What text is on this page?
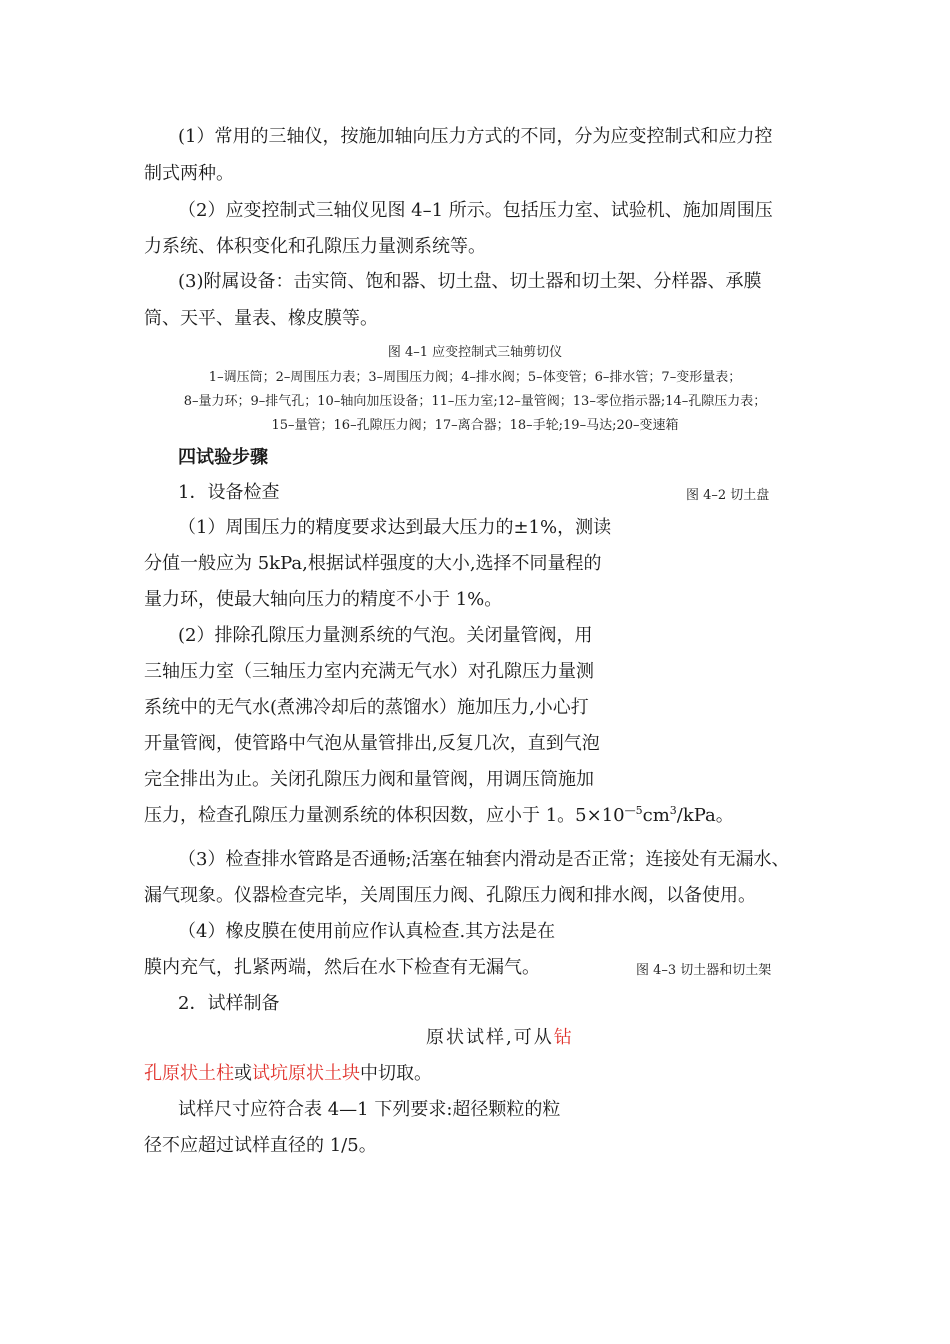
(1）常用的三轴仪，按施加轴向压力方式的不同，分为应变控制式和应力控
制式两种。
（2）应变控制式三轴仪见图 4–1 所示。包括压力室、试验机、施加周围压
力系统、体积变化和孔隙压力量测系统等。
(3)附属设备：击实筒、饱和器、切土盘、切土器和切土架、分样器、承膜
筒、天平、量表、橡皮膜等。
图 4–1 应变控制式三轴剪切仪
1–调压筒；2–周围压力表；3–周围压力阀；4–排水阀；5–体变管；6–排水管；7–变形量表；
8–量力环；9–排气孔；10–轴向加压设备；11–压力室;12–量管阀；13–零位指示器;14–孔隙压力表；
15–量管；16–孔隙压力阀；17–离合器；18–手轮;19–马达;20–变速箱
四试验步骤
1．设备检查	图 4–2 切土盘
（1）周围压力的精度要求达到最大压力的±1%，测读
分值一般应为 5kPa,根据试样强度的大小,选择不同量程的
量力环，使最大轴向压力的精度不小于 1%。
(2）排除孔隙压力量测系统的气泡。关闭量管阀，用
三轴压力室（三轴压力室内充满无气水）对孔隙压力量测
系统中的无气水(煮沸冷却后的蒸馏水）施加压力,小心打
开量管阀，使管路中气泡从量管排出,反复几次，直到气泡
完全排出为止。关闭孔隙压力阀和量管阀，用调压筒施加
压力，检查孔隙压力量测系统的体积因数，应小于 1。$5\times 10^{—5}cm^3$/kPa。
（3）检查排水管路是否通畅;活塞在轴套内滑动是否正常；连接处有无漏水、
漏气现象。仪器检查完毕，关周围压力阀、孔隙压力阀和排水阀，以备使用。
（4）橡皮膜在使用前应作认真检查.其方法是在
膜内充气，扎紧两端，然后在水下检查有无漏气。	图 4–3 切土器和切土架
2．试样制备
原状试样,可从钻
孔原状土柱或试坑原状土块中切取。
试样尺寸应符合表 4—1 下列要求:超径颗粒的粒
径不应超过试样直径的 1/5。
